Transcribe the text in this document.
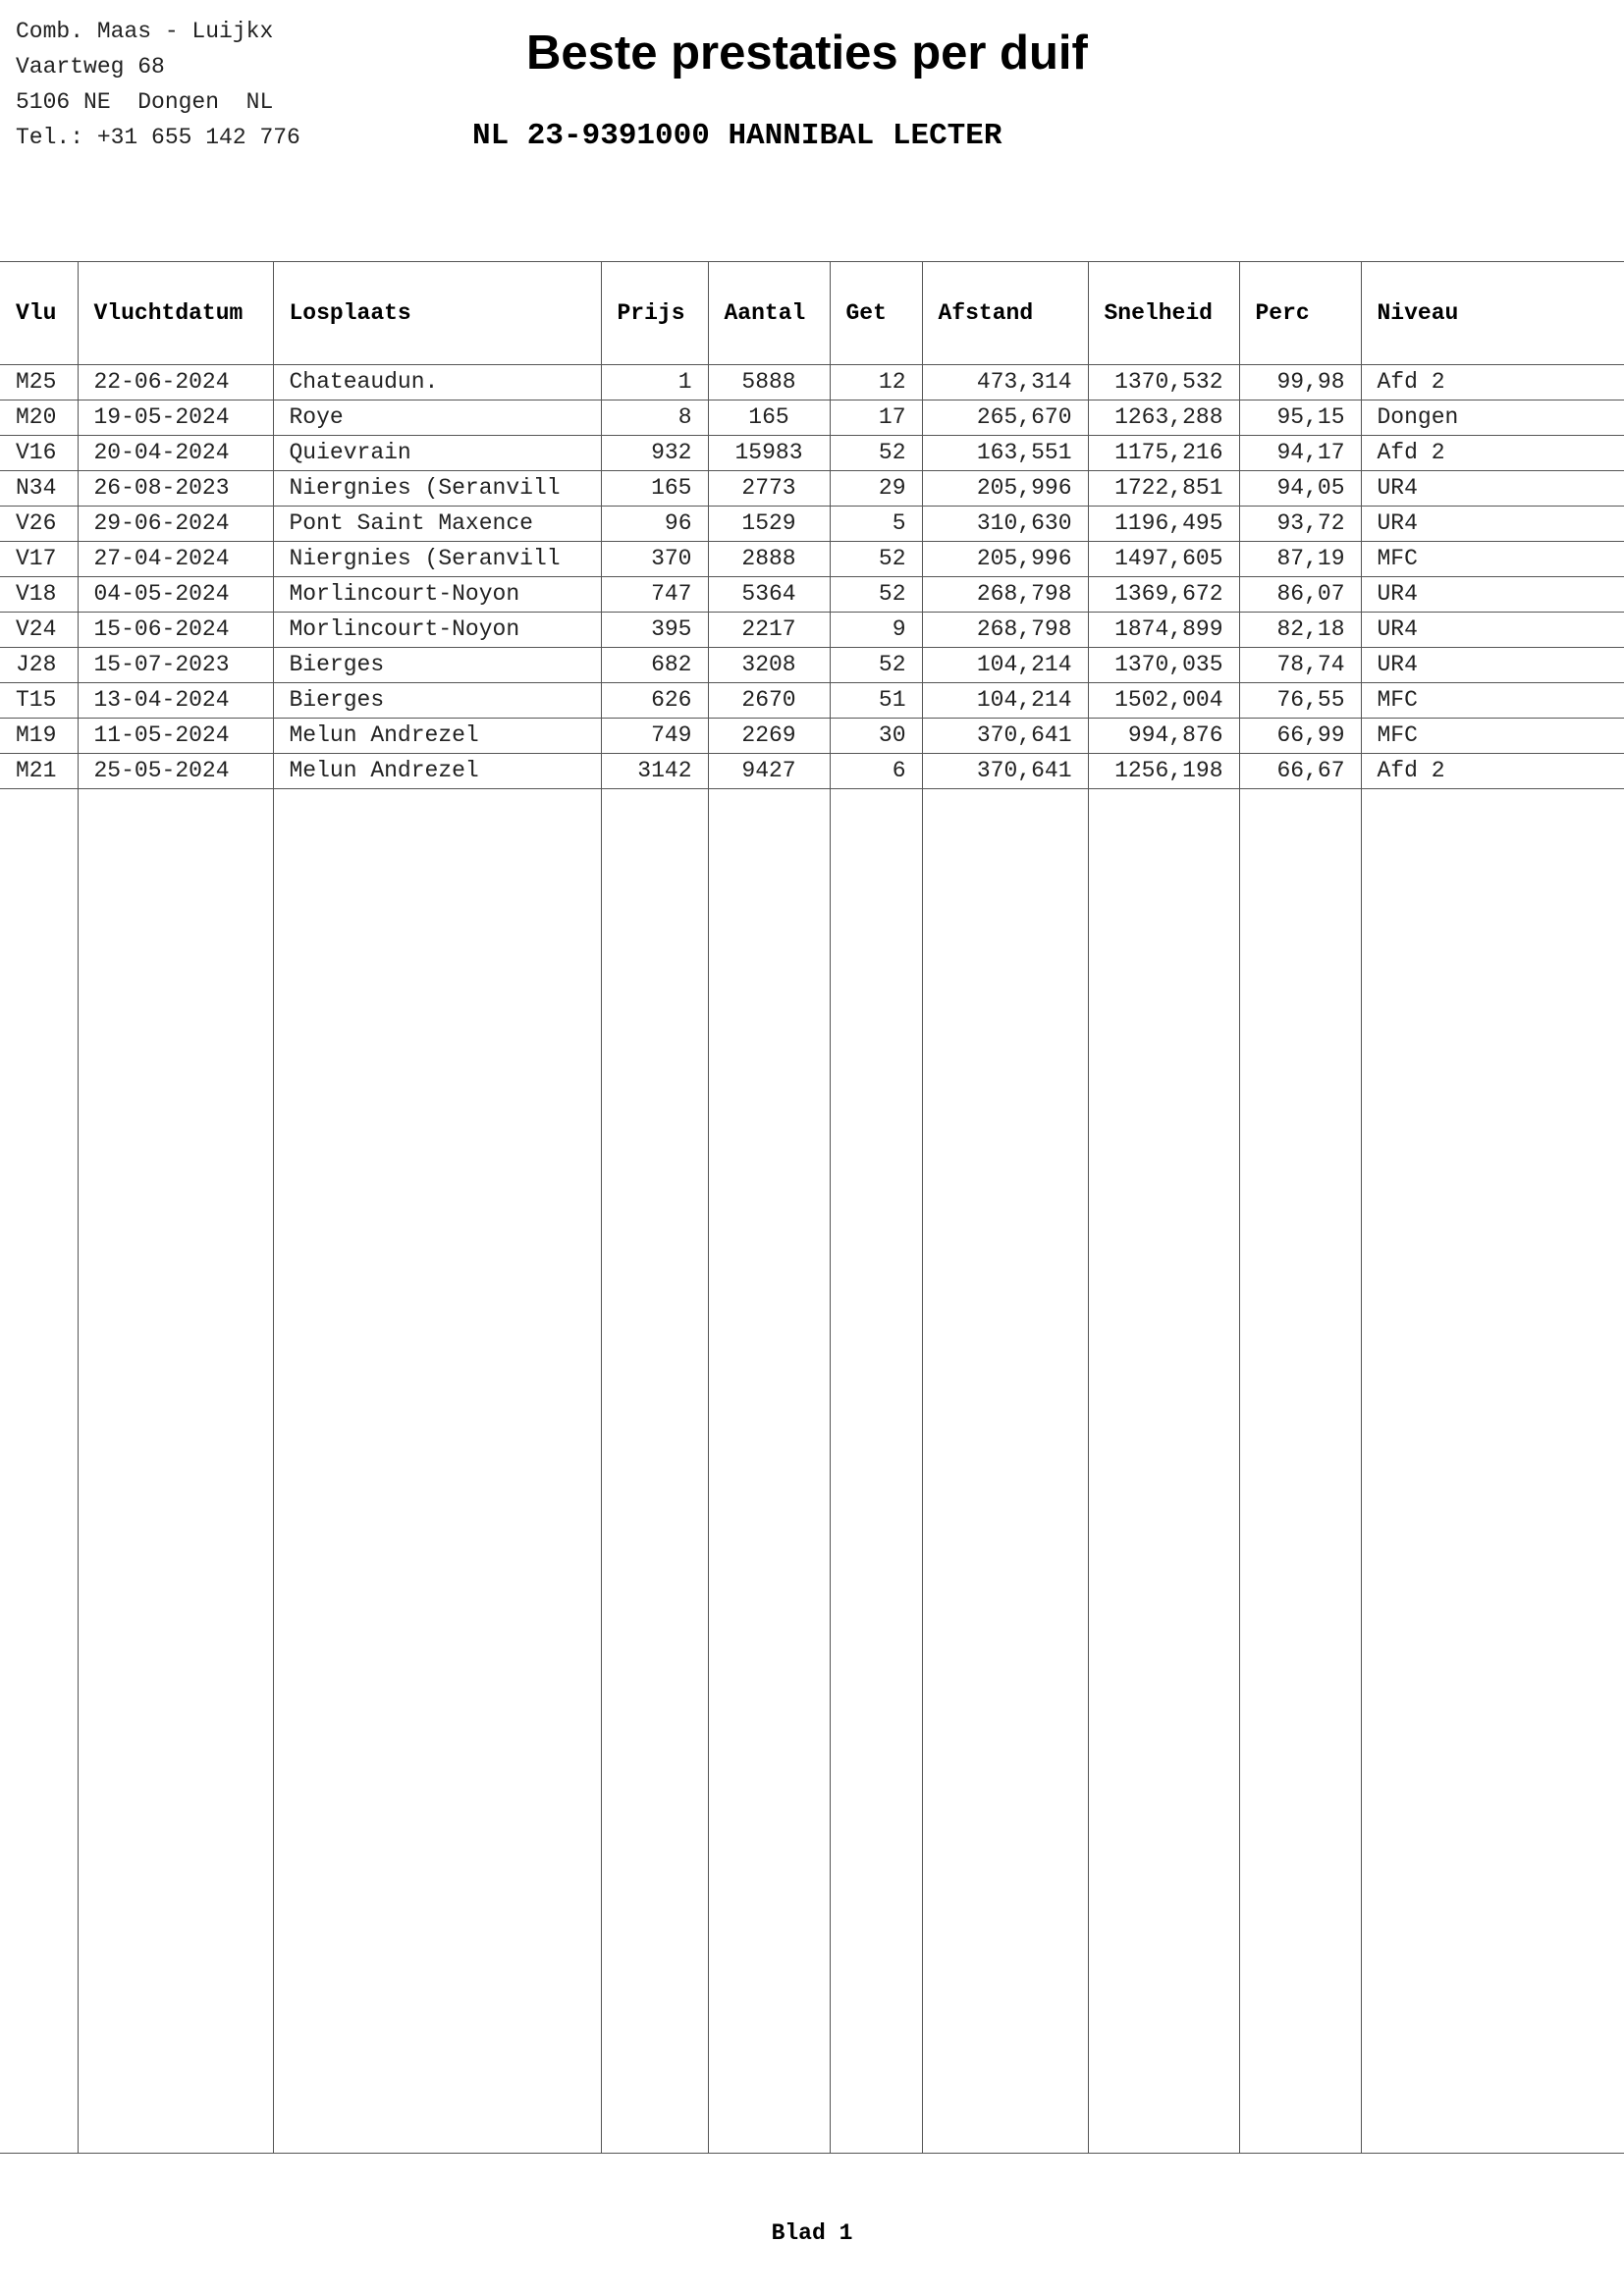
Comb. Maas - Luijkx
Vaartweg 68
5106 NE  Dongen  NL
Tel.: +31 655 142 776
Beste prestaties per duif
NL 23-9391000 HANNIBAL LECTER
Vlu	Vluchtdatum	Losplaats	Prijs	Aantal	Get	Afstand	Snelheid	Perc	Niveau
M25	22-06-2024	Chateaudun.	1	5888	12	473,314	1370,532	99,98	Afd 2
M20	19-05-2024	Roye	8	165	17	265,670	1263,288	95,15	Dongen
V16	20-04-2024	Quievrain	932	15983	52	163,551	1175,216	94,17	Afd 2
N34	26-08-2023	Niergnies (Seranvill	165	2773	29	205,996	1722,851	94,05	UR4
V26	29-06-2024	Pont Saint Maxence	96	1529	5	310,630	1196,495	93,72	UR4
V17	27-04-2024	Niergnies (Seranvill	370	2888	52	205,996	1497,605	87,19	MFC
V18	04-05-2024	Morlincourt-Noyon	747	5364	52	268,798	1369,672	86,07	UR4
V24	15-06-2024	Morlincourt-Noyon	395	2217	9	268,798	1874,899	82,18	UR4
J28	15-07-2023	Bierges	682	3208	52	104,214	1370,035	78,74	UR4
T15	13-04-2024	Bierges	626	2670	51	104,214	1502,004	76,55	MFC
M19	11-05-2024	Melun Andrezel	749	2269	30	370,641	994,876	66,99	MFC
M21	25-05-2024	Melun Andrezel	3142	9427	6	370,641	1256,198	66,67	Afd 2

Blad 1
